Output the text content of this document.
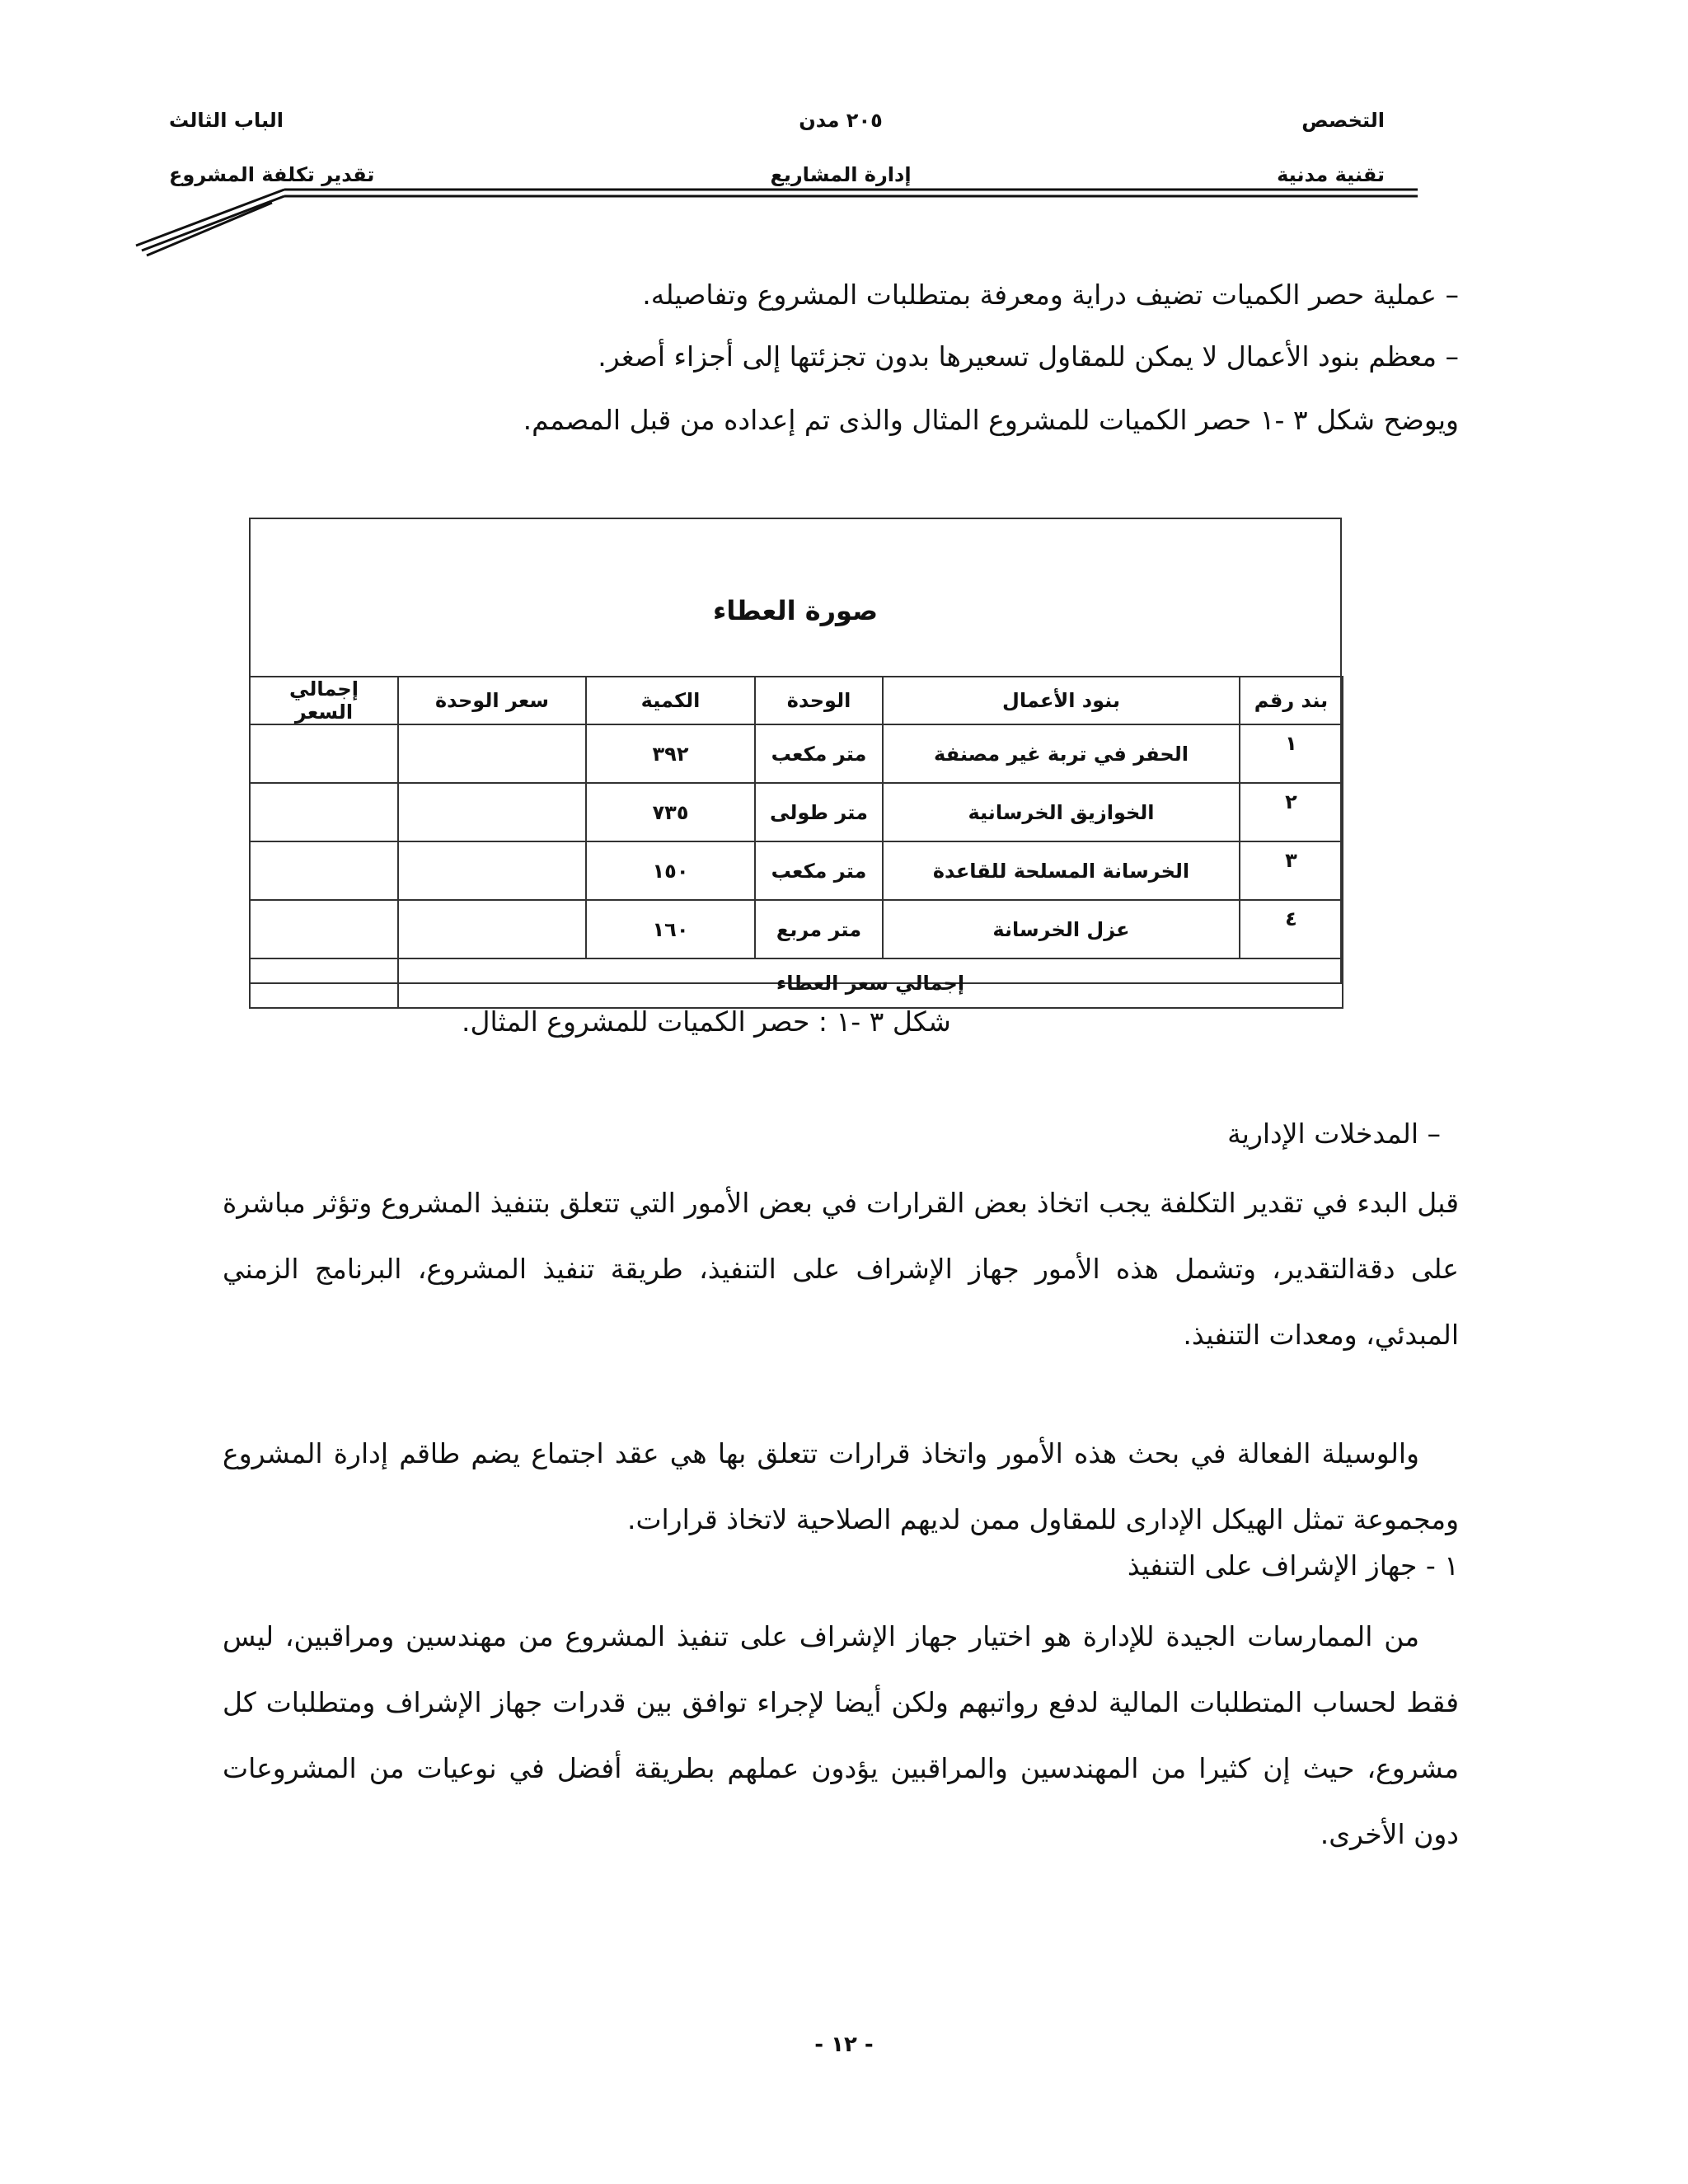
التخصص
تقنية مدنية
٢٠٥ مدن
إدارة المشاريع
الباب الثالث
تقدير تكلفة المشروع
– عملية حصر الكميات تضيف دراية ومعرفة بمتطلبات المشروع وتفاصيله.
– معظم بنود الأعمال لا يمكن للمقاول تسعيرها بدون تجزئتها إلى أجزاء أصغر.
ويوضح شكل ٣ -١ حصر الكميات للمشروع المثال والذى تم إعداده من قبل المصمم.
صورة العطاء
بند رقم	بنود الأعمال	الوحدة	الكمية	سعر الوحدة	إجمالي السعر
١	الحفر في تربة غير مصنفة	متر مكعب	٣٩٢		
٢	الخوازيق الخرسانية	متر طولى	٧٣٥		
٣	الخرسانة المسلحة للقاعدة	متر مكعب	١٥٠		
٤	عزل الخرسانة	متر مربع	١٦٠		
إجمالي سعر العطاء					
شكل ٣ -١ : حصر الكميات للمشروع المثال.
– المدخلات الإدارية
قبل البدء في تقدير التكلفة يجب اتخاذ بعض القرارات في بعض الأمور التي تتعلق بتنفيذ المشروع وتؤثر مباشرة على دقةالتقدير، وتشمل هذه الأمور جهاز الإشراف على التنفيذ، طريقة تنفيذ المشروع، البرنامج الزمني المبدئي، ومعدات التنفيذ.
والوسيلة الفعالة في بحث هذه الأمور واتخاذ قرارات تتعلق بها هي عقد اجتماع يضم طاقم إدارة المشروع ومجموعة تمثل الهيكل الإدارى للمقاول ممن لديهم الصلاحية لاتخاذ قرارات.
١ - جهاز الإشراف على التنفيذ
من الممارسات الجيدة للإدارة هو اختيار جهاز الإشراف على تنفيذ المشروع من مهندسين ومراقبين، ليس فقط لحساب المتطلبات المالية لدفع رواتبهم ولكن أيضا لإجراء توافق بين قدرات جهاز الإشراف ومتطلبات كل مشروع، حيث إن كثيرا من المهندسين والمراقبين يؤدون عملهم بطريقة أفضل في نوعيات من المشروعات دون الأخرى.
- ١٢ -
